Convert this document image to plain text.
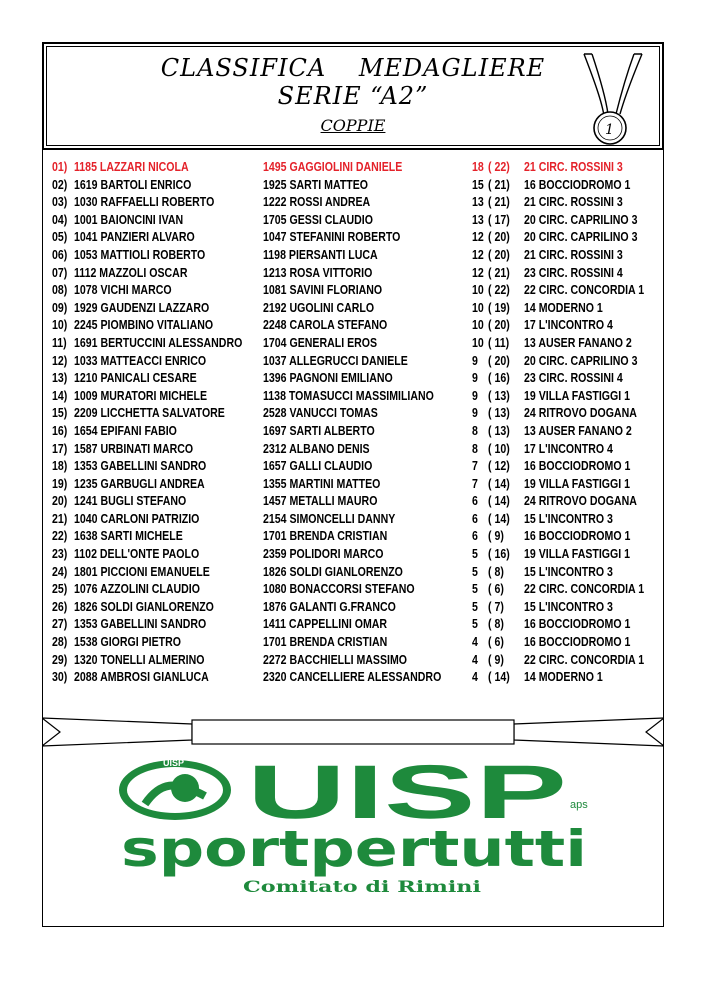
CLASSIFICA MEDAGLIERE
SERIE “A2”
COPPIE	1
01) 1185 LAZZARI NICOLA	1495 GAGGIOLINI DANIELE	18 ( 22)	21 CIRC. ROSSINI 3
02) 1619 BARTOLI ENRICO	1925 SARTI MATTEO	15 ( 21)	16 BOCCIODROMO 1
03) 1030 RAFFAELLI ROBERTO	1222 ROSSI ANDREA	13 ( 21)	21 CIRC. ROSSINI 3
04) 1001 BAIONCINI IVAN	1705 GESSI CLAUDIO	13 ( 17)	20 CIRC. CAPRILINO 3
05) 1041 PANZIERI ALVARO	1047 STEFANINI ROBERTO	12 ( 20)	20 CIRC. CAPRILINO 3
06) 1053 MATTIOLI ROBERTO	1198 PIERSANTI LUCA	12 ( 20)	21 CIRC. ROSSINI 3
07) 1112 MAZZOLI OSCAR	1213 ROSA VITTORIO	12 ( 21)	23 CIRC. ROSSINI 4
08) 1078 VICHI MARCO	1081 SAVINI FLORIANO	10 ( 22)	22 CIRC. CONCORDIA 1
09) 1929 GAUDENZI LAZZARO	2192 UGOLINI CARLO	10 ( 19)	14 MODERNO 1
10) 2245 PIOMBINO VITALIANO	2248 CAROLA STEFANO	10 ( 20)	17 L'INCONTRO 4
11) 1691 BERTUCCINI ALESSANDRO	1704 GENERALI EROS	10 ( 11)	13 AUSER FANANO 2
12) 1033 MATTEACCI ENRICO	1037 ALLEGRUCCI DANIELE	9 ( 20)	20 CIRC. CAPRILINO 3
13) 1210 PANICALI CESARE	1396 PAGNONI EMILIANO	9 ( 16)	23 CIRC. ROSSINI 4
14) 1009 MURATORI MICHELE	1138 TOMASUCCI MASSIMILIANO	9 ( 13)	19 VILLA FASTIGGI 1
15) 2209 LICCHETTA SALVATORE	2528 VANUCCI TOMAS	9 ( 13)	24 RITROVO DOGANA
16) 1654 EPIFANI FABIO	1697 SARTI ALBERTO	8 ( 13)	13 AUSER FANANO 2
17) 1587 URBINATI MARCO	2312 ALBANO DENIS	8 ( 10)	17 L'INCONTRO 4
18) 1353 GABELLINI SANDRO	1657 GALLI CLAUDIO	7 ( 12)	16 BOCCIODROMO 1
19) 1235 GARBUGLI ANDREA	1355 MARTINI MATTEO	7 ( 14)	19 VILLA FASTIGGI 1
20) 1241 BUGLI STEFANO	1457 METALLI MAURO	6 ( 14)	24 RITROVO DOGANA
21) 1040 CARLONI PATRIZIO	2154 SIMONCELLI DANNY	6 ( 14)	15 L'INCONTRO 3
22) 1638 SARTI MICHELE	1701 BRENDA CRISTIAN	6 ( 9) 16 BOCCIODROMO 1
23) 1102 DELL'ONTE PAOLO	2359 POLIDORI MARCO	5 ( 16)	19 VILLA FASTIGGI 1
24) 1801 PICCIONI EMANUELE	1826 SOLDI GIANLORENZO	5 ( 8) 15 L'INCONTRO 3
25) 1076 AZZOLINI CLAUDIO	1080 BONACCORSI STEFANO	5 ( 6) 22 CIRC. CONCORDIA 1
26) 1826 SOLDI GIANLORENZO	1876 GALANTI G.FRANCO	5 ( 7) 15 L'INCONTRO 3
27) 1353 GABELLINI SANDRO	1411 CAPPELLINI OMAR	5 ( 8) 16 BOCCIODROMO 1
28) 1538 GIORGI PIETRO	1701 BRENDA CRISTIAN	4 ( 6) 16 BOCCIODROMO 1
29) 1320 TONELLI ALMERINO	2272 BACCHIELLI MASSIMO	4 ( 9) 22 CIRC. CONCORDIA 1
30) 2088 AMBROSI GIANLUCA	2320 CANCELLIERE ALESSANDRO	4 ( 14)	14 MODERNO 1
UISP UISP aps
sportpertutti
Comitato di Rimini
